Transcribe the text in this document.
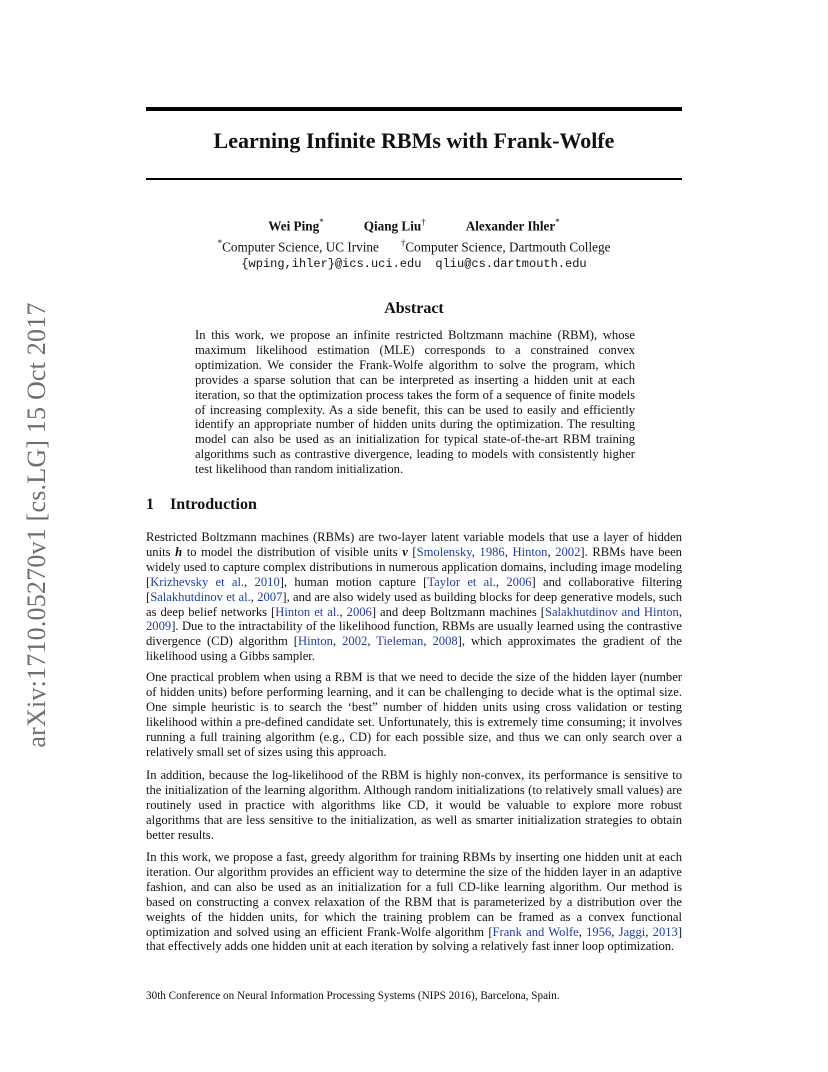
arXiv:1710.05270v1 [cs.LG] 15 Oct 2017
Learning Infinite RBMs with Frank-Wolfe
Wei Ping*	Qiang Liu†	Alexander Ihler*
*Computer Science, UC Irvine †Computer Science, Dartmouth College
{wping,ihler}@ics.uci.edu qliu@cs.dartmouth.edu
Abstract

In this work, we propose an infinite restricted Boltzmann machine (RBM), whose maximum likelihood estimation (MLE) corresponds to a constrained convex optimization. We consider the Frank-Wolfe algorithm to solve the program, which provides a sparse solution that can be interpreted as inserting a hidden unit at each iteration, so that the optimization process takes the form of a sequence of finite models of increasing complexity. As a side benefit, this can be used to easily and efficiently identify an appropriate number of hidden units during the optimization. The resulting model can also be used as an initialization for typical state-of-the-art RBM training algorithms such as contrastive divergence, leading to models with consistently higher test likelihood than random initialization.

1 Introduction

Restricted Boltzmann machines (RBMs) are two-layer latent variable models that use a layer of hidden units h to model the distribution of visible units v [Smolensky, 1986, Hinton, 2002]. RBMs have been widely used to capture complex distributions in numerous application domains, including image modeling [Krizhevsky et al., 2010], human motion capture [Taylor et al., 2006] and collaborative filtering [Salakhutdinov et al., 2007], and are also widely used as building blocks for deep generative models, such as deep belief networks [Hinton et al., 2006] and deep Boltzmann machines [Salakhutdinov and Hinton, 2009]. Due to the intractability of the likelihood function, RBMs are usually learned using the contrastive divergence (CD) algorithm [Hinton, 2002, Tieleman, 2008], which approximates the gradient of the likelihood using a Gibbs sampler.

One practical problem when using a RBM is that we need to decide the size of the hidden layer (number of hidden units) before performing learning, and it can be challenging to decide what is the optimal size. One simple heuristic is to search the ‘best” number of hidden units using cross validation or testing likelihood within a pre-defined candidate set. Unfortunately, this is extremely time consuming; it involves running a full training algorithm (e.g., CD) for each possible size, and thus we can only search over a relatively small set of sizes using this approach.

In addition, because the log-likelihood of the RBM is highly non-convex, its performance is sensitive to the initialization of the learning algorithm. Although random initializations (to relatively small values) are routinely used in practice with algorithms like CD, it would be valuable to explore more robust algorithms that are less sensitive to the initialization, as well as smarter initialization strategies to obtain better results.

In this work, we propose a fast, greedy algorithm for training RBMs by inserting one hidden unit at each iteration. Our algorithm provides an efficient way to determine the size of the hidden layer in an adaptive fashion, and can also be used as an initialization for a full CD-like learning algorithm. Our method is based on constructing a convex relaxation of the RBM that is parameterized by a distribution over the weights of the hidden units, for which the training problem can be framed as a convex functional optimization and solved using an efficient Frank-Wolfe algorithm [Frank and Wolfe, 1956, Jaggi, 2013] that effectively adds one hidden unit at each iteration by solving a relatively fast inner loop optimization.

30th Conference on Neural Information Processing Systems (NIPS 2016), Barcelona, Spain.
